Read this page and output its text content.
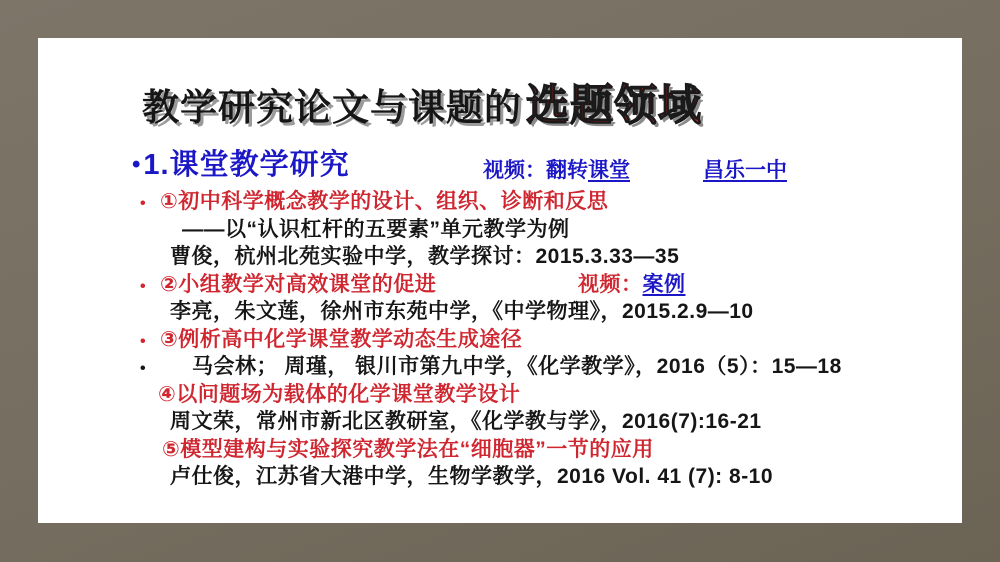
教学研究论文与课题的选题领域
•1.课堂教学研究	视频：翻转课堂	昌乐一中
• ①初中科学概念教学的设计、组织、诊断和反思
——以“认识杠杆的五要素”单元教学为例
曹俊，杭州北苑实验中学，教学探讨：2015.3.33—35
• ②小组教学对高效课堂的促进	视频：案例
李亮，朱文莲，徐州市东苑中学，《中学物理》，2015.2.9—10
• ③例析高中化学课堂教学动态生成途径
• 马会林； 周瑾， 银川市第九中学，《化学教学》，2016（5）：15—18
④以问题场为载体的化学课堂教学设计
周文荣，常州市新北区教研室，《化学教与学》，2016(7):16-21
⑤模型建构与实验探究教学法在“细胞器”一节的应用
卢仕俊，江苏省大港中学，生物学教学，2016 Vol. 41 (7): 8-10
